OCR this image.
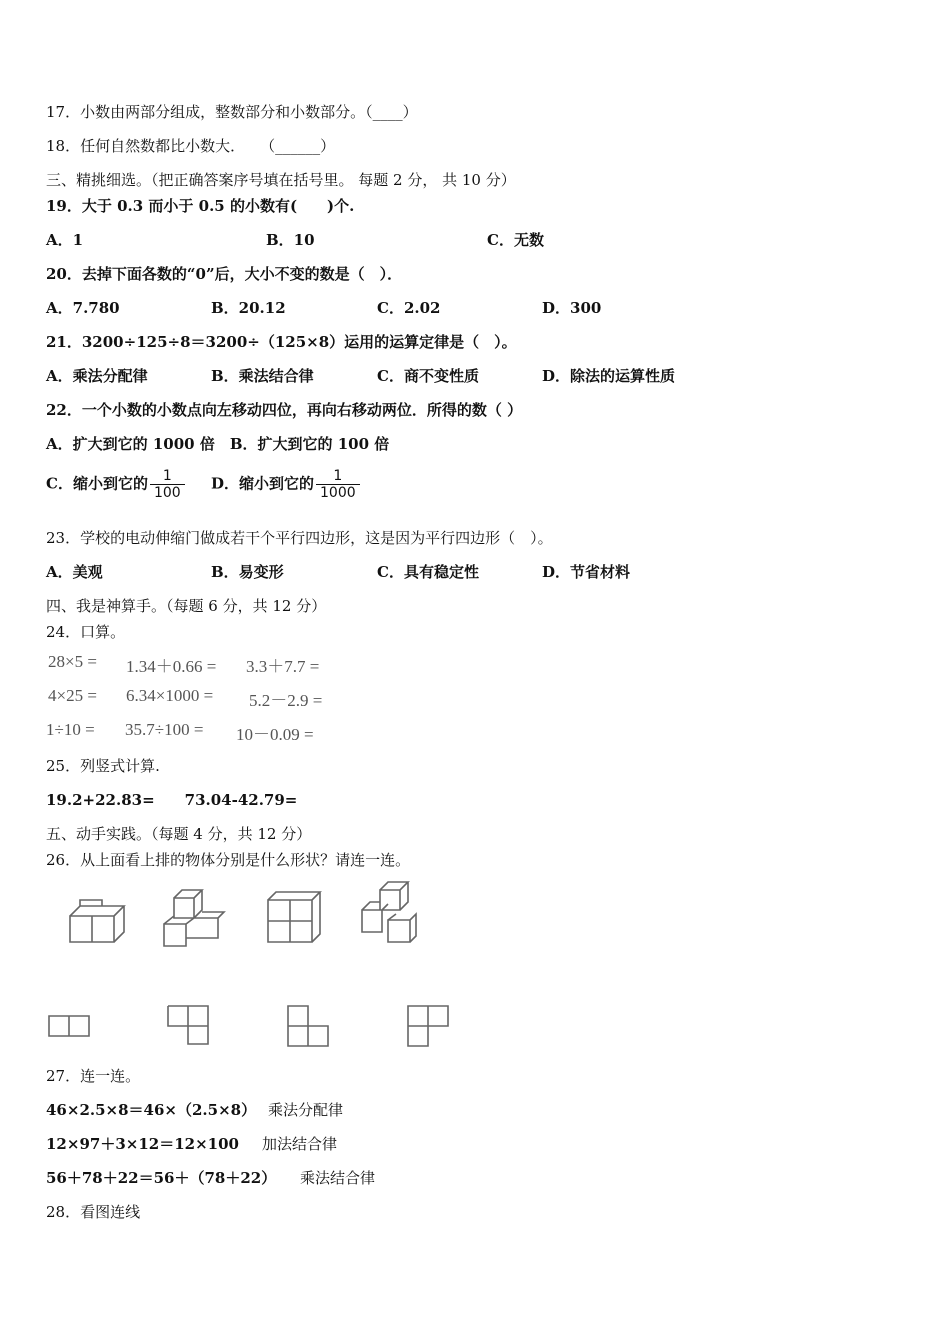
17．小数由两部分组成，整数部分和小数部分。（____）
18．任何自然数都比小数大．　　（______）
三、精挑细选。（把正确答案序号填在括号里。 每题 2 分， 共 10 分）
19．大于 0.3 而小于 0.5 的小数有(　　)个.
A．1	B．10	C．无数
20．去掉下面各数的“0”后，大小不变的数是（　）．
A．7.780	B．20.12	C．2.02	D．300
21．3200÷125÷8＝3200÷（125×8）运用的运算定律是（　）。
A．乘法分配律	B．乘法结合律	C．商不变性质	D．除法的运算性质
22．一个小数的小数点向左移动四位，再向右移动两位．所得的数（ ）
A．扩大到它的 1000 倍　B．扩大到它的 100 倍
C．缩小到它的 $\frac{1}{100}$ D．缩小到它的 $\frac{1}{1000}$
23．学校的电动伸缩门做成若干个平行四边形，这是因为平行四边形（　）。
A．美观	B．易变形	C．具有稳定性	D．节省材料
四、我是神算手。（每题 6 分，共 12 分）
24．口算。
28×5 = 1.34＋0.66 = 3.3＋7.7 =
4×25 = 6.34×1000 = 5.2－2.9 =
1÷10 = 35.7÷100 = 10－0.09 =
25．列竖式计算.
19.2+22.83=　　73.04-42.79=
五、动手实践。（每题 4 分，共 12 分）
26．从上面看上排的物体分别是什么形状？请连一连。
27．连一连。
46×2.5×8＝46×（2.5×8） 乘法分配律
12×97＋3×12＝12×100 加法结合律
56＋78＋22＝56＋（78＋22） 乘法结合律
28．看图连线
